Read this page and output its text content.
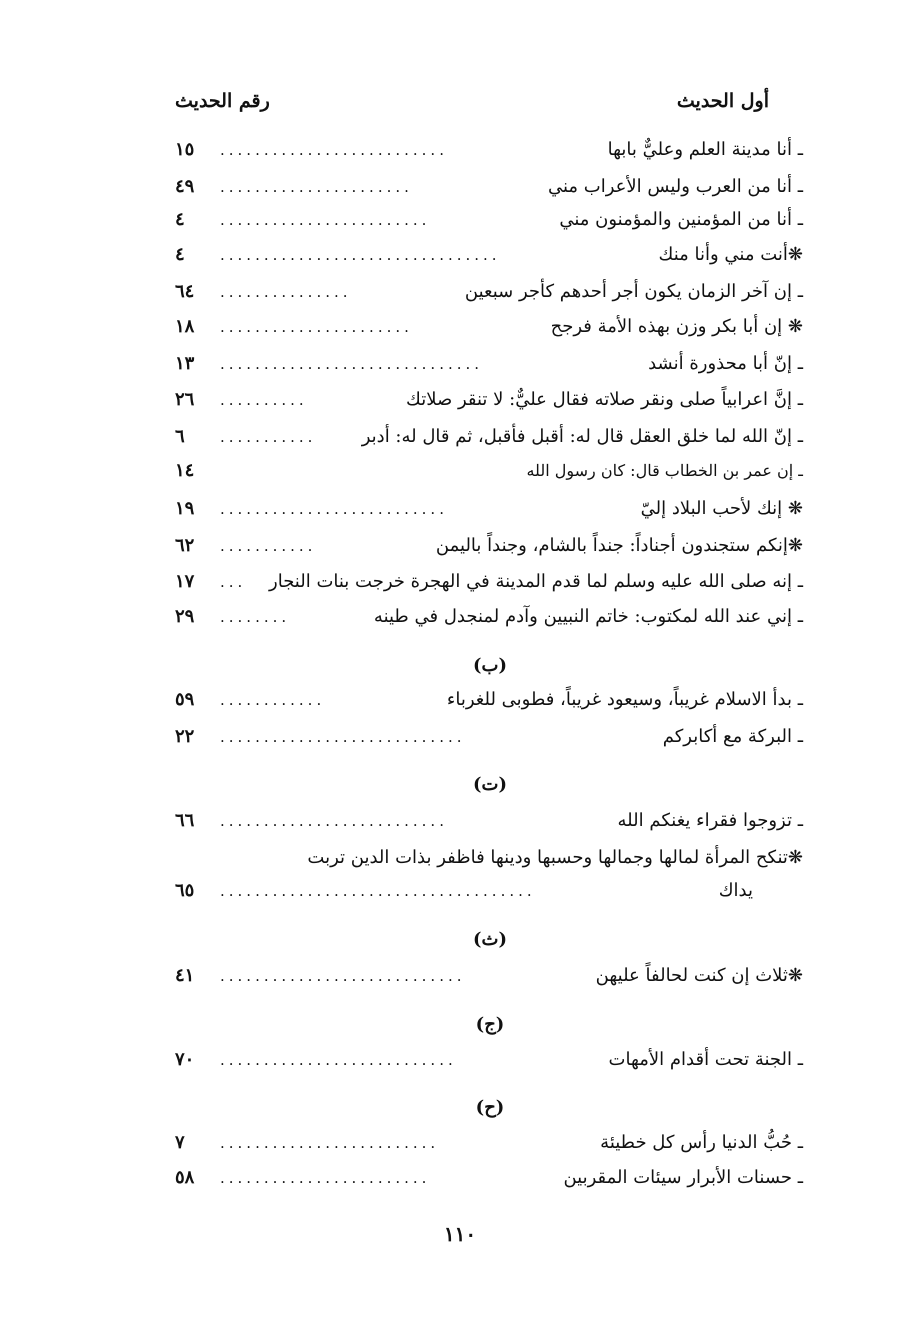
أول الحديث
رقم الحديث
ـ أنا مدينة العلم وعليٌّ بابها
..........................
١٥
ـ أنا من العرب وليس الأعراب مني
......................
٤٩
ـ أنا من المؤمنين والمؤمنون مني
........................
٤
❋أنت مني وأنا منك
................................
٤
ـ إن آخر الزمان يكون أجر أحدهم كأجر سبعين
...............
٦٤
❋ إن أبا بكر وزن بهذه الأمة فرجح
......................
١٨
ـ إنّ أبا محذورة أنشد
..............................
١٣
ـ إنَّ اعرابياً صلى ونقر صلاته فقال عليٌّ: لا تنقر صلاتك
..........
٢٦
ـ إنّ الله لما خلق العقل قال له: أقبل فأقبل، ثم قال له: أدبر
...........
٦
ـ إن عمر بن الخطاب قال: كان رسول الله
١٤
❋ إنك لأحب البلاد إليّ
..........................
١٩
❋إنكم ستجندون أجناداً: جنداً بالشام، وجنداً باليمن
...........
٦٢
ـ إنه صلى الله عليه وسلم لما قدم المدينة في الهجرة خرجت بنات النجار
...
١٧
ـ إني عند الله لمكتوب: خاتم النبيين وآدم لمنجدل في طينه
........
٢٩
(ب)
ـ بدأ الاسلام غريباً، وسيعود غريباً، فطوبى للغرباء
............
٥٩
ـ البركة مع أكابركم
............................
٢٢
(ت)
ـ تزوجوا فقراء يغنكم الله
..........................
٦٦
❋تنكح المرأة لمالها وجمالها وحسبها ودينها فاظفر بذات الدين تربت
يداك
....................................
٦٥
(ث)
❋ثلاث إن كنت لحالفاً عليهن
............................
٤١
(ج)
ـ الجنة تحت أقدام الأمهات
...........................
٧٠
(ح)
ـ حُبُّ الدنيا رأس كل خطيئة
.........................
٧
ـ حسنات الأبرار سيئات المقربين
........................
٥٨
١١٠
